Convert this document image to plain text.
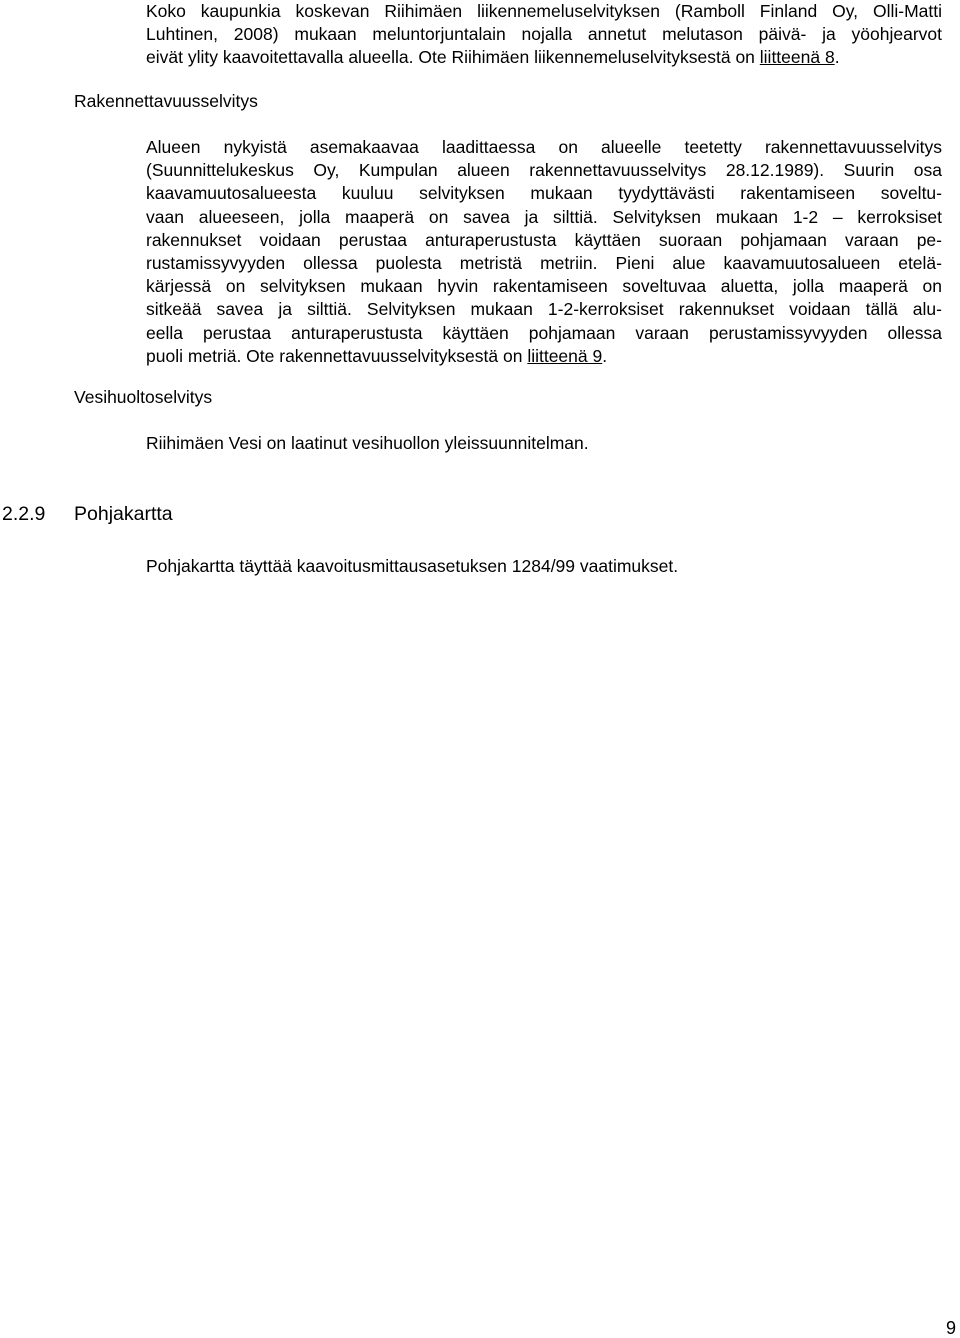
Koko kaupunkia koskevan Riihimäen liikennemeluselvityksen (Ramboll Finland Oy, Olli-Matti
Luhtinen, 2008) mukaan meluntorjuntalain nojalla annetut melutason päivä- ja yöohjearvot
eivät ylity kaavoitettavalla alueella. Ote Riihimäen liikennemeluselvityksestä on liitteenä 8.
Rakennettavuusselvitys
Alueen nykyistä asemakaavaa laadittaessa on alueelle teetetty rakennettavuusselvitys
(Suunnittelukeskus Oy, Kumpulan alueen rakennettavuusselvitys 28.12.1989). Suurin osa
kaavamuutosalueesta kuuluu selvityksen mukaan tyydyttävästi rakentamiseen soveltu-
vaan alueeseen, jolla maaperä on savea ja silttiä. Selvityksen mukaan 1-2 – kerroksiset
rakennukset voidaan perustaa anturaperustusta käyttäen suoraan pohjamaan varaan pe-
rustamissyvyyden ollessa puolesta metristä metriin. Pieni alue kaavamuutosalueen etelä-
kärjessä on selvityksen mukaan hyvin rakentamiseen soveltuvaa aluetta, jolla maaperä on
sitkeää savea ja silttiä. Selvityksen mukaan 1-2-kerroksiset rakennukset voidaan tällä alu-
eella perustaa anturaperustusta käyttäen pohjamaan varaan perustamissyvyyden ollessa
puoli metriä. Ote rakennettavuusselvityksestä on liitteenä 9.
Vesihuoltoselvitys
Riihimäen Vesi on laatinut vesihuollon yleissuunnitelman.
2.2.9 Pohjakartta
Pohjakartta täyttää kaavoitusmittausasetuksen 1284/99 vaatimukset.
9
